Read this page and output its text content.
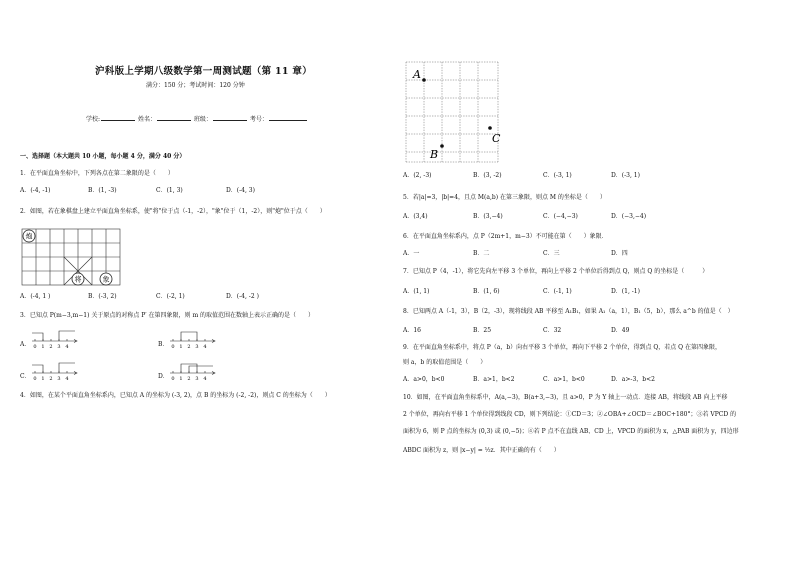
沪科版上学期八级数学第一周测试题（第 11 章）
满分：150 分；考试时间：120 分钟
学校:	姓名：	班级：	考号：
一、选择题（本大题共 10 小题，每小题 4 分，满分 40 分）
1．在平面直角坐标中，下列各点在第二象限的是（　　）
A．(-4, -1)	B．(1, -3)	C．(1, 3)	D．(-4, 3)
2．如图，若在象棋盘上建立平面直角坐标系，使"将"位于点（-1，-2），"象"位于（1，-2），则"炮"位于点（　　）
炮
将	象
A．(-4, 1 )	B．(-3, 2)	C．(-2, 1)	D．(-4, -2 )
3．已知点 P(m−3,m−1) 关于原点的对称点 P′ 在第四象限，则 m 的取值范围在数轴上表示正确的是（　　）
A． 0 1 2 3 4	B． 0 1 2 3 4
C． 0 1 2 3 4	D． 0 1 2 3 4
4．如图，在某个平面直角坐标系内，已知点 A 的坐标为 (-3, 2)，点 B 的坐标为 (-2, -2)，则点 C 的坐标为（　　）
A
B
C
A．(2, -3)	B．(3, -2)	C．(-3, 1)	D．(-3, 1)
5．若|a|=3，|b|=4，且点 M(a,b) 在第三象限，则点 M 的坐标是（　　）
A．(3,4)	B．(3,−4)	C．(−4,−3)	D．(−3,−4)
6．在平面直角坐标系内，点 P（2m+1，m−3）不可能在第（　　）象限．
A．一	B．二	C．三	D．四
7．已知点 P（4，-1），将它先向左平移 3 个单位，再向上平移 2 个单位后得到点 Q，则点 Q 的坐标是（　　　）
A．(1, 1)	B．(1, 6)	C．(-1, 1)	D．(1, -1)
8．已知两点 A（-1，3），B（2，-3），现将线段 AB 平移至 A₁B₁，如果 A₁（a，1），B₁（5，b），那么 a^b 的值是（　）
A．16	B．25	C．32	D．49
9．在平面直角坐标系中，将点 P（a，b）向右平移 3 个单位，再向下平移 2 个单位，得到点 Q，若点 Q 在第四象限，
则 a，b 的取值范围是（　　）
A．a>0，b<0	B．a>1，b<2	C．a>1，b<0	D．a>-3，b<2
10．如图，在平面直角坐标系中，A(a,−3)，B(a+3,−3)，且 a>0，P 为 Y 轴上一动点．连接 AB，将线段 AB 向上平移
2 个单位，再向右平移 1 个单位得到线段 CD，则下列结论：①CD＝3；②∠OBA+∠OCD＝∠BOC+180°；③若 VPCD 的
面积为 6，则 P 点的坐标为 (0,3) 或 (0,−5)；④若 P 点不在直线 AB、CD 上，VPCD 的面积为 x，△PAB 面积为 y，四边形
ABDC 面积为 z，则 |x−y| = ½z．其中正确的有（　　）
